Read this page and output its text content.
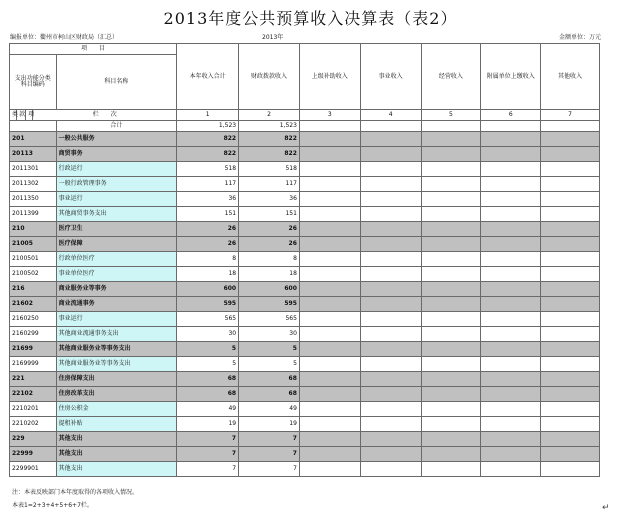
2013年度公共预算收入决算表（表2）
编报单位：衢州市柯山区财政局（汇总）	2013年	金额单位：万元
项　　目					本年收入合计	财政拨款收入	上级补助收入	事业收入	经营收入	附属单位上缴收入	其他收入
支出功能分类科目编码				科目名称							
类	款	项	栏　　次		1	2	3	4	5	6	7
				合计	1,523	1,523					
201				一般公共服务	822	822					
20113				商贸事务	822	822					
2011301				行政运行	518	518					
2011302				一般行政管理事务	117	117					
2011350				事业运行	36	36					
2011399				其他商贸事务支出	151	151					
210				医疗卫生	26	26					
21005				医疗保障	26	26					
2100501				行政单位医疗	8	8					
2100502				事业单位医疗	18	18					
216				商业服务业等事务	600	600					
21602				商业流通事务	595	595					
2160250				事业运行	565	565					
2160299				其他商业流通事务支出	30	30					
21699				其他商业服务业等事务支出	5	5					
2169999				其他商业服务业等事务支出	5	5					
221				住房保障支出	68	68					
22102				住房改革支出	68	68					
2210201				住房公积金	49	49					
2210202				提租补贴	19	19					
229				其他支出	7	7					
22999				其他支出	7	7					
2299901				其他支出	7	7					
注：本表反映部门本年度取得的各项收入情况。
本表1=2+3+4+5+6+7栏。	↵
